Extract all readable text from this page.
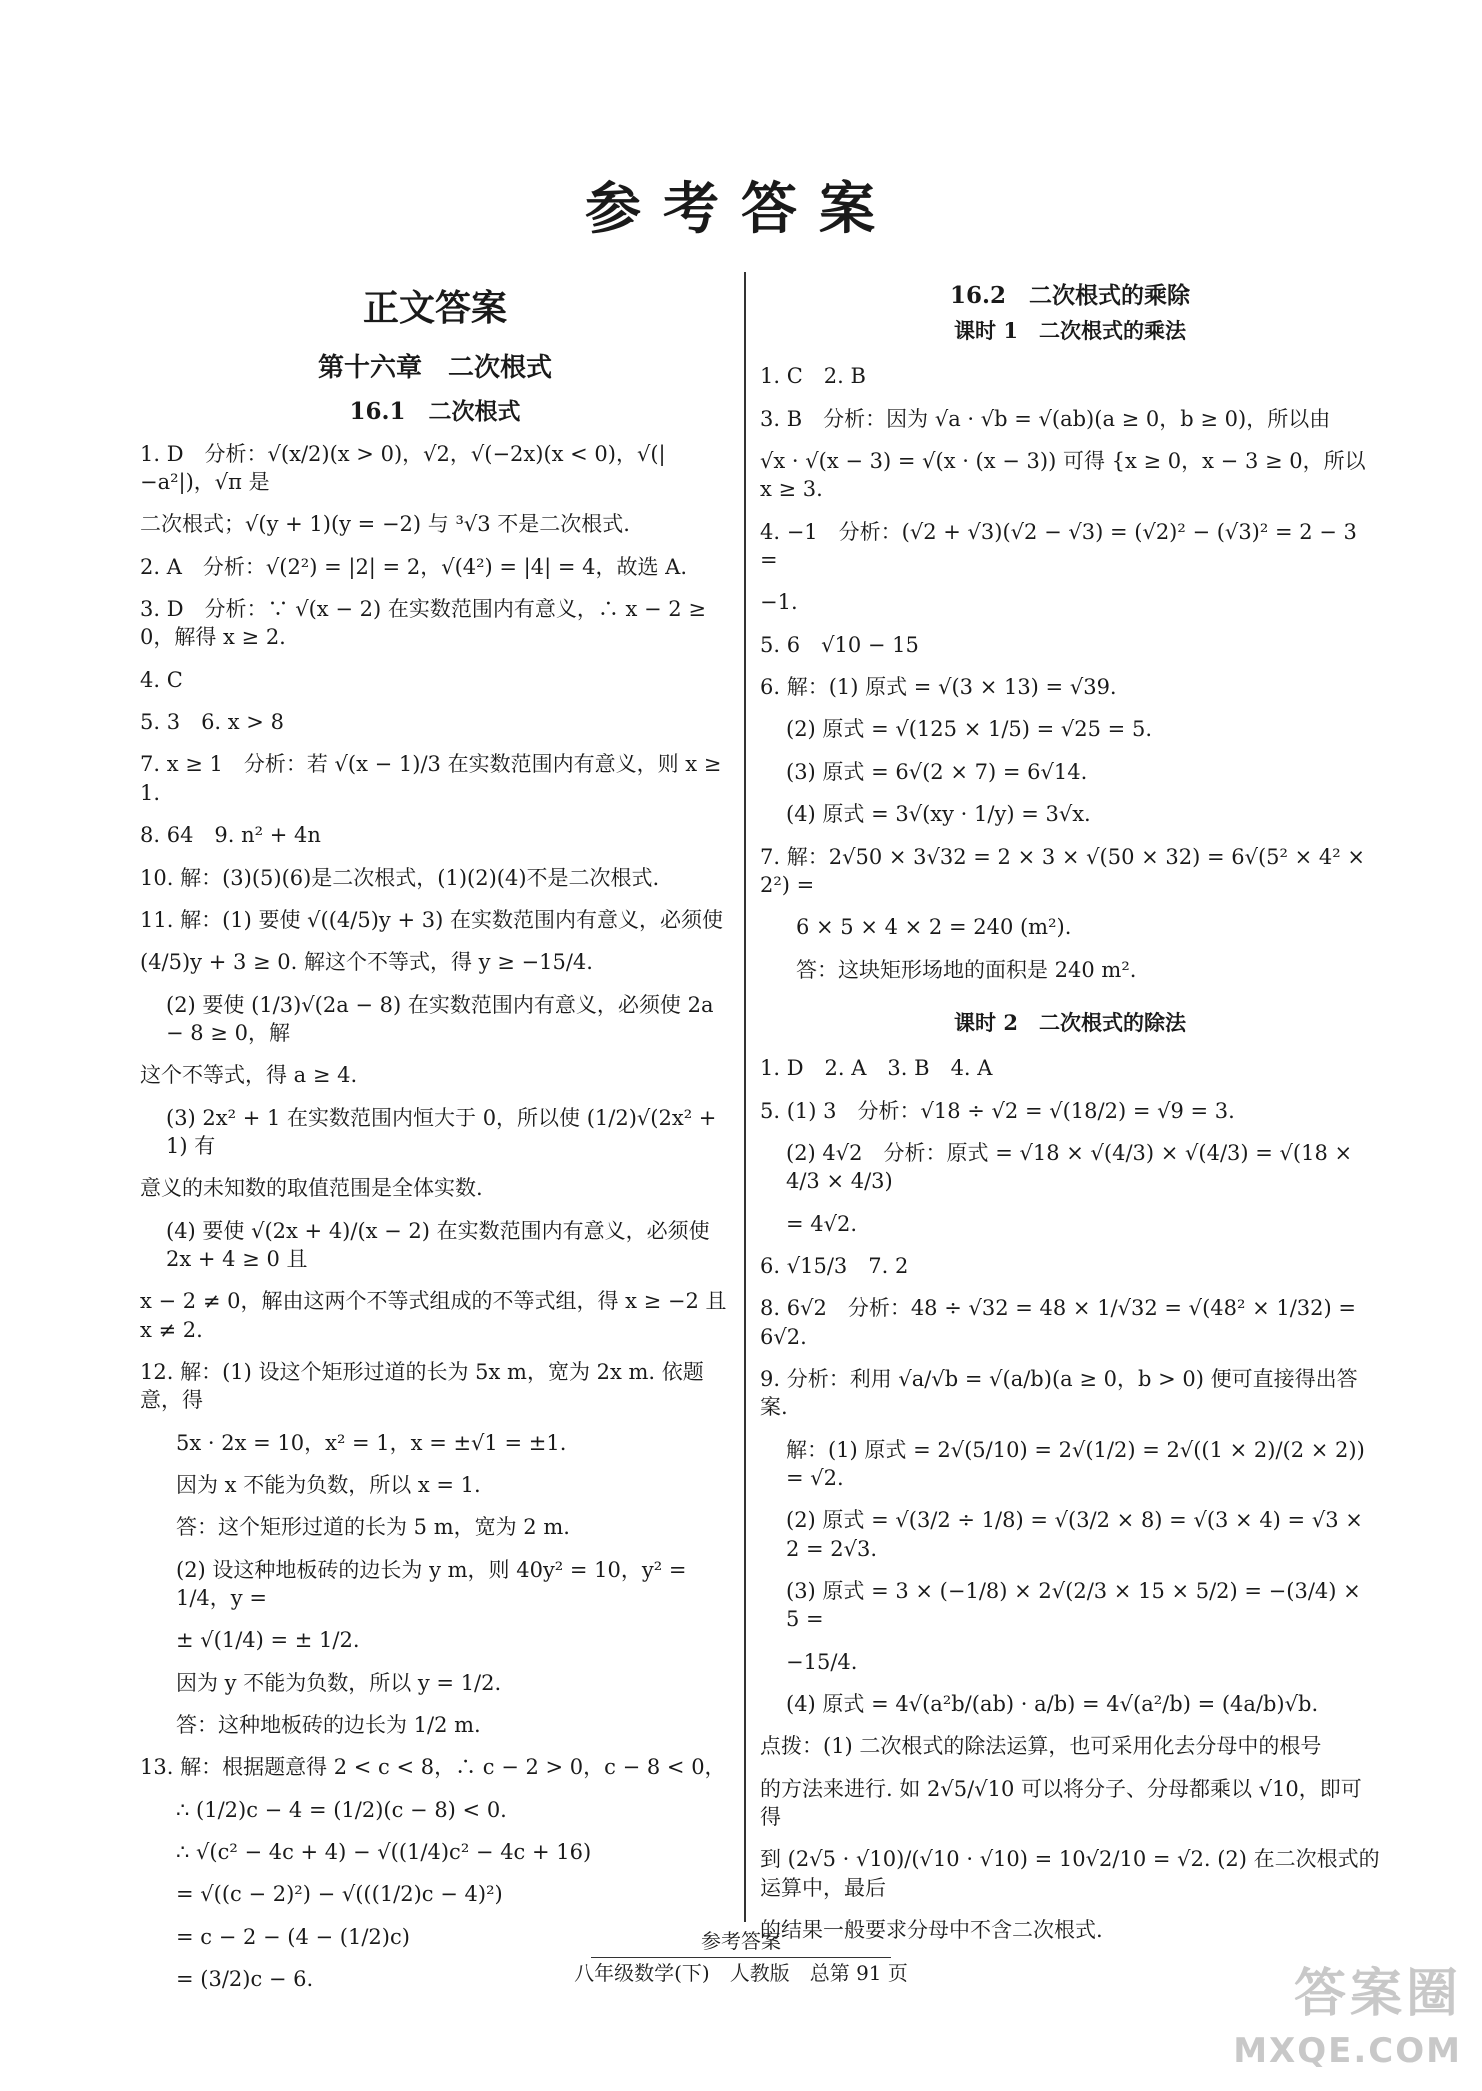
参考答案
正文答案
第十六章　二次根式
16.1　二次根式
1. D　分析：√(x/2)(x > 0)，√2，√(−2x)(x < 0)，√(|−a²|)，√π 是
二次根式；√(y + 1)(y = −2) 与 ³√3 不是二次根式.
2. A　分析：√(2²) = |2| = 2，√(4²) = |4| = 4，故选 A.
3. D　分析：∵ √(x − 2) 在实数范围内有意义，∴ x − 2 ≥ 0，解得 x ≥ 2.
4. C
5. 3　6. x > 8
7. x ≥ 1　分析：若 √(x − 1)/3 在实数范围内有意义，则 x ≥ 1.
8. 64　9. n² + 4n
10. 解：(3)(5)(6)是二次根式，(1)(2)(4)不是二次根式.
11. 解：(1) 要使 √((4/5)y + 3) 在实数范围内有意义，必须使
(4/5)y + 3 ≥ 0. 解这个不等式，得 y ≥ −15/4.
(2) 要使 (1/3)√(2a − 8) 在实数范围内有意义，必须使 2a − 8 ≥ 0，解
这个不等式，得 a ≥ 4.
(3) 2x² + 1 在实数范围内恒大于 0，所以使 (1/2)√(2x² + 1) 有
意义的未知数的取值范围是全体实数.
(4) 要使 √(2x + 4)/(x − 2) 在实数范围内有意义，必须使 2x + 4 ≥ 0 且
x − 2 ≠ 0，解由这两个不等式组成的不等式组，得 x ≥ −2 且 x ≠ 2.
12. 解：(1) 设这个矩形过道的长为 5x m，宽为 2x m. 依题意，得
5x · 2x = 10，x² = 1，x = ±√1 = ±1.
因为 x 不能为负数，所以 x = 1.
答：这个矩形过道的长为 5 m，宽为 2 m.
(2) 设这种地板砖的边长为 y m，则 40y² = 10，y² = 1/4，y =
± √(1/4) = ± 1/2.
因为 y 不能为负数，所以 y = 1/2.
答：这种地板砖的边长为 1/2 m.
13. 解：根据题意得 2 < c < 8，∴ c − 2 > 0，c − 8 < 0，
∴ (1/2)c − 4 = (1/2)(c − 8) < 0.
∴ √(c² − 4c + 4) − √((1/4)c² − 4c + 16)
= √((c − 2)²) − √(((1/2)c − 4)²)
= c − 2 − (4 − (1/2)c)
= (3/2)c − 6.
16.2　二次根式的乘除
课时 1　二次根式的乘法
1. C　2. B
3. B　分析：因为 √a · √b = √(ab)(a ≥ 0，b ≥ 0)，所以由
√x · √(x − 3) = √(x · (x − 3)) 可得 {x ≥ 0，x − 3 ≥ 0，所以 x ≥ 3.
4. −1　分析：(√2 + √3)(√2 − √3) = (√2)² − (√3)² = 2 − 3 =
−1.
5. 6　√10 − 15
6. 解：(1) 原式 = √(3 × 13) = √39.
(2) 原式 = √(125 × 1/5) = √25 = 5.
(3) 原式 = 6√(2 × 7) = 6√14.
(4) 原式 = 3√(xy · 1/y) = 3√x.
7. 解：2√50 × 3√32 = 2 × 3 × √(50 × 32) = 6√(5² × 4² × 2²) =
6 × 5 × 4 × 2 = 240 (m²).
答：这块矩形场地的面积是 240 m².
课时 2　二次根式的除法
1. D　2. A　3. B　4. A
5. (1) 3　分析：√18 ÷ √2 = √(18/2) = √9 = 3.
(2) 4√2　分析：原式 = √18 × √(4/3) × √(4/3) = √(18 × 4/3 × 4/3)
= 4√2.
6. √15/3　7. 2
8. 6√2　分析：48 ÷ √32 = 48 × 1/√32 = √(48² × 1/32) = 6√2.
9. 分析：利用 √a/√b = √(a/b)(a ≥ 0，b > 0) 便可直接得出答案.
解：(1) 原式 = 2√(5/10) = 2√(1/2) = 2√((1 × 2)/(2 × 2)) = √2.
(2) 原式 = √(3/2 ÷ 1/8) = √(3/2 × 8) = √(3 × 4) = √3 × 2 = 2√3.
(3) 原式 = 3 × (−1/8) × 2√(2/3 × 15 × 5/2) = −(3/4) × 5 =
−15/4.
(4) 原式 = 4√(a²b/(ab) · a/b) = 4√(a²/b) = (4a/b)√b.
点拨：(1) 二次根式的除法运算，也可采用化去分母中的根号
的方法来进行. 如 2√5/√10 可以将分子、分母都乘以 √10，即可得
到 (2√5 · √10)/(√10 · √10) = 10√2/10 = √2. (2) 在二次根式的运算中，最后
的结果一般要求分母中不含二次根式.
参考答案
八年级数学(下)　人教版　总第 91 页	答案圈
MXQE.COM
